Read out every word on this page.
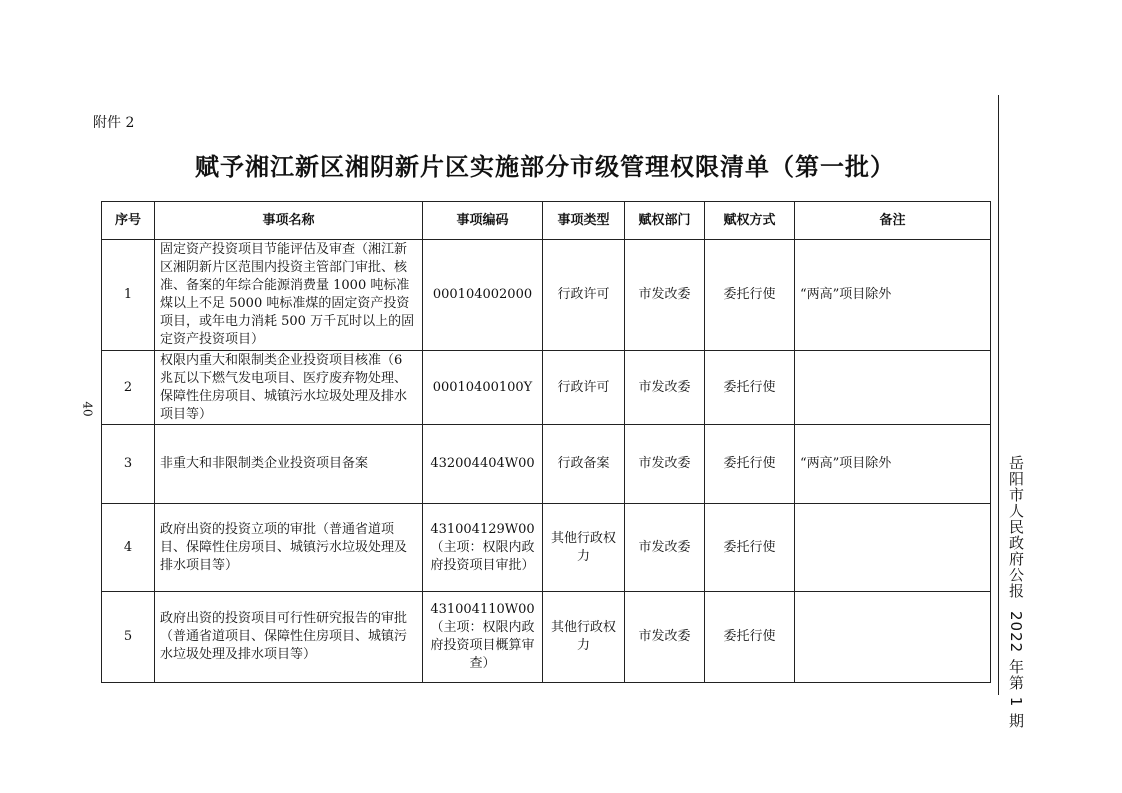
附件 2
赋予湘江新区湘阴新片区实施部分市级管理权限清单（第一批）
序号	事项名称	事项编码	事项类型	赋权部门	赋权方式	备注
1	固定资产投资项目节能评估及审查（湘江新区湘阴新片区范围内投资主管部门审批、核准、备案的年综合能源消费量 1000 吨标准煤以上不足 5000 吨标准煤的固定资产投资项目，或年电力消耗 500 万千瓦时以上的固定资产投资项目）	000104002000	行政许可	市发改委	委托行使	“两高”项目除外
2	权限内重大和限制类企业投资项目核准（6 兆瓦以下燃气发电项目、医疗废弃物处理、保障性住房项目、城镇污水垃圾处理及排水项目等）	00010400100Y	行政许可	市发改委	委托行使	
3	非重大和非限制类企业投资项目备案	432004404W00	行政备案	市发改委	委托行使	“两高”项目除外
4	政府出资的投资立项的审批（普通省道项目、保障性住房项目、城镇污水垃圾处理及排水项目等）	431004129W00（主项：权限内政府投资项目审批）	其他行政权力	市发改委	委托行使	
5	政府出资的投资项目可行性研究报告的审批（普通省道项目、保障性住房项目、城镇污水垃圾处理及排水项目等）	431004110W00（主项：权限内政府投资项目概算审查）	其他行政权力	市发改委	委托行使	
40
岳阳市人民政府公报2022 年第 1 期
